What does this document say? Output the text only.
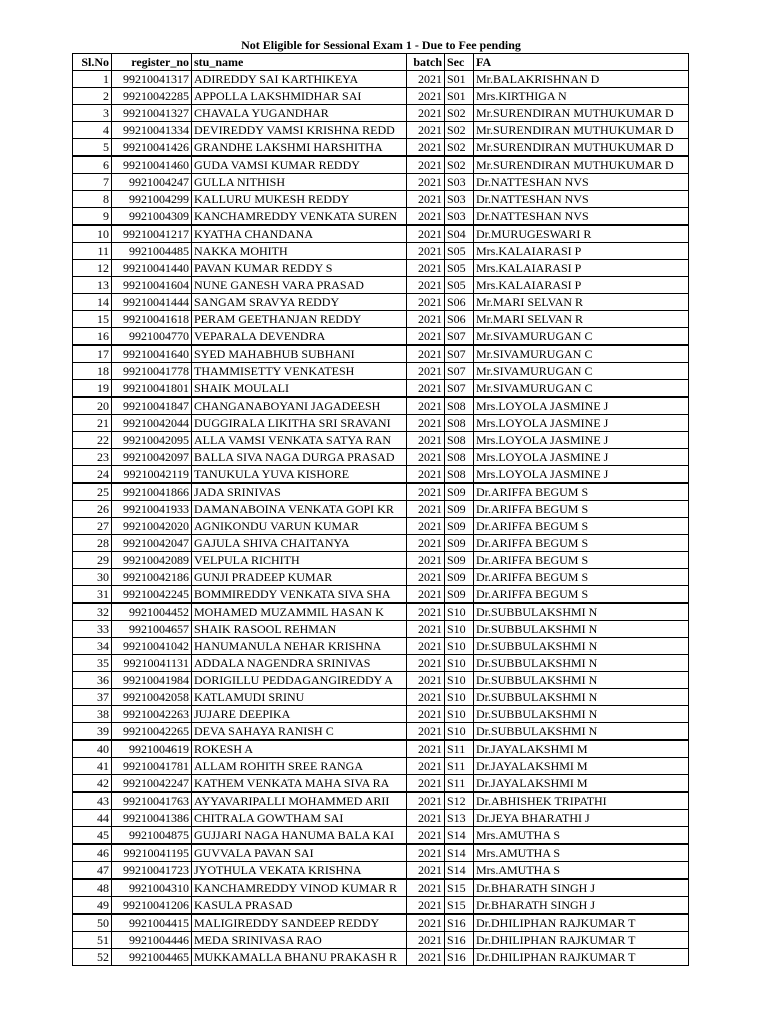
Not Eligible for Sessional Exam 1 - Due to Fee pending
Sl.No	register_no	stu_name	batch	Sec	FA
1	99210041317	ADIREDDY SAI KARTHIKEYA	2021	S01	Mr.BALAKRISHNAN D
2	99210042285	APPOLLA LAKSHMIDHAR SAI	2021	S01	Mrs.KIRTHIGA N
3	99210041327	CHAVALA YUGANDHAR	2021	S02	Mr.SURENDIRAN MUTHUKUMAR D
4	99210041334	DEVIREDDY VAMSI KRISHNA REDD	2021	S02	Mr.SURENDIRAN MUTHUKUMAR D
5	99210041426	GRANDHE LAKSHMI HARSHITHA	2021	S02	Mr.SURENDIRAN MUTHUKUMAR D
6	99210041460	GUDA VAMSI KUMAR REDDY	2021	S02	Mr.SURENDIRAN MUTHUKUMAR D
7	9921004247	GULLA NITHISH	2021	S03	Dr.NATTESHAN NVS
8	9921004299	KALLURU MUKESH REDDY	2021	S03	Dr.NATTESHAN NVS
9	9921004309	KANCHAMREDDY VENKATA SUREN	2021	S03	Dr.NATTESHAN NVS
10	99210041217	KYATHA CHANDANA	2021	S04	Dr.MURUGESWARI R
11	9921004485	NAKKA MOHITH	2021	S05	Mrs.KALAIARASI P
12	99210041440	PAVAN KUMAR REDDY S	2021	S05	Mrs.KALAIARASI P
13	99210041604	NUNE GANESH VARA PRASAD	2021	S05	Mrs.KALAIARASI P
14	99210041444	SANGAM SRAVYA REDDY	2021	S06	Mr.MARI SELVAN R
15	99210041618	PERAM GEETHANJAN REDDY	2021	S06	Mr.MARI SELVAN R
16	9921004770	VEPARALA DEVENDRA	2021	S07	Mr.SIVAMURUGAN C
17	99210041640	SYED MAHABHUB SUBHANI	2021	S07	Mr.SIVAMURUGAN C
18	99210041778	THAMMISETTY VENKATESH	2021	S07	Mr.SIVAMURUGAN C
19	99210041801	SHAIK MOULALI	2021	S07	Mr.SIVAMURUGAN C
20	99210041847	CHANGANABOYANI JAGADEESH	2021	S08	Mrs.LOYOLA JASMINE J
21	99210042044	DUGGIRALA LIKITHA SRI SRAVANI	2021	S08	Mrs.LOYOLA JASMINE J
22	99210042095	ALLA VAMSI VENKATA SATYA RAN	2021	S08	Mrs.LOYOLA JASMINE J
23	99210042097	BALLA SIVA NAGA DURGA PRASAD	2021	S08	Mrs.LOYOLA JASMINE J
24	99210042119	TANUKULA YUVA KISHORE	2021	S08	Mrs.LOYOLA JASMINE J
25	99210041866	JADA SRINIVAS	2021	S09	Dr.ARIFFA BEGUM S
26	99210041933	DAMANABOINA VENKATA GOPI KR	2021	S09	Dr.ARIFFA BEGUM S
27	99210042020	AGNIKONDU VARUN KUMAR	2021	S09	Dr.ARIFFA BEGUM S
28	99210042047	GAJULA SHIVA CHAITANYA	2021	S09	Dr.ARIFFA BEGUM S
29	99210042089	VELPULA RICHITH	2021	S09	Dr.ARIFFA BEGUM S
30	99210042186	GUNJI PRADEEP KUMAR	2021	S09	Dr.ARIFFA BEGUM S
31	99210042245	BOMMIREDDY VENKATA SIVA SHA	2021	S09	Dr.ARIFFA BEGUM S
32	9921004452	MOHAMED MUZAMMIL HASAN K	2021	S10	Dr.SUBBULAKSHMI N
33	9921004657	SHAIK RASOOL REHMAN	2021	S10	Dr.SUBBULAKSHMI N
34	99210041042	HANUMANULA NEHAR KRISHNA	2021	S10	Dr.SUBBULAKSHMI N
35	99210041131	ADDALA NAGENDRA SRINIVAS	2021	S10	Dr.SUBBULAKSHMI N
36	99210041984	DORIGILLU PEDDAGANGIREDDY A	2021	S10	Dr.SUBBULAKSHMI N
37	99210042058	KATLAMUDI SRINU	2021	S10	Dr.SUBBULAKSHMI N
38	99210042263	JUJARE DEEPIKA	2021	S10	Dr.SUBBULAKSHMI N
39	99210042265	DEVA SAHAYA RANISH C	2021	S10	Dr.SUBBULAKSHMI N
40	9921004619	ROKESH A	2021	S11	Dr.JAYALAKSHMI M
41	99210041781	ALLAM ROHITH SREE RANGA	2021	S11	Dr.JAYALAKSHMI M
42	99210042247	KATHEM VENKATA MAHA SIVA RA	2021	S11	Dr.JAYALAKSHMI M
43	99210041763	AYYAVARIPALLI MOHAMMED ARII	2021	S12	Dr.ABHISHEK TRIPATHI
44	99210041386	CHITRALA GOWTHAM SAI	2021	S13	Dr.JEYA BHARATHI J
45	9921004875	GUJJARI NAGA HANUMA BALA KAI	2021	S14	Mrs.AMUTHA S
46	99210041195	GUVVALA PAVAN SAI	2021	S14	Mrs.AMUTHA S
47	99210041723	JYOTHULA VEKATA KRISHNA	2021	S14	Mrs.AMUTHA S
48	9921004310	KANCHAMREDDY VINOD KUMAR R	2021	S15	Dr.BHARATH SINGH J
49	99210041206	KASULA PRASAD	2021	S15	Dr.BHARATH SINGH J
50	9921004415	MALIGIREDDY SANDEEP REDDY	2021	S16	Dr.DHILIPHAN RAJKUMAR T
51	9921004446	MEDA SRINIVASA RAO	2021	S16	Dr.DHILIPHAN RAJKUMAR T
52	9921004465	MUKKAMALLA BHANU PRAKASH R	2021	S16	Dr.DHILIPHAN RAJKUMAR T
